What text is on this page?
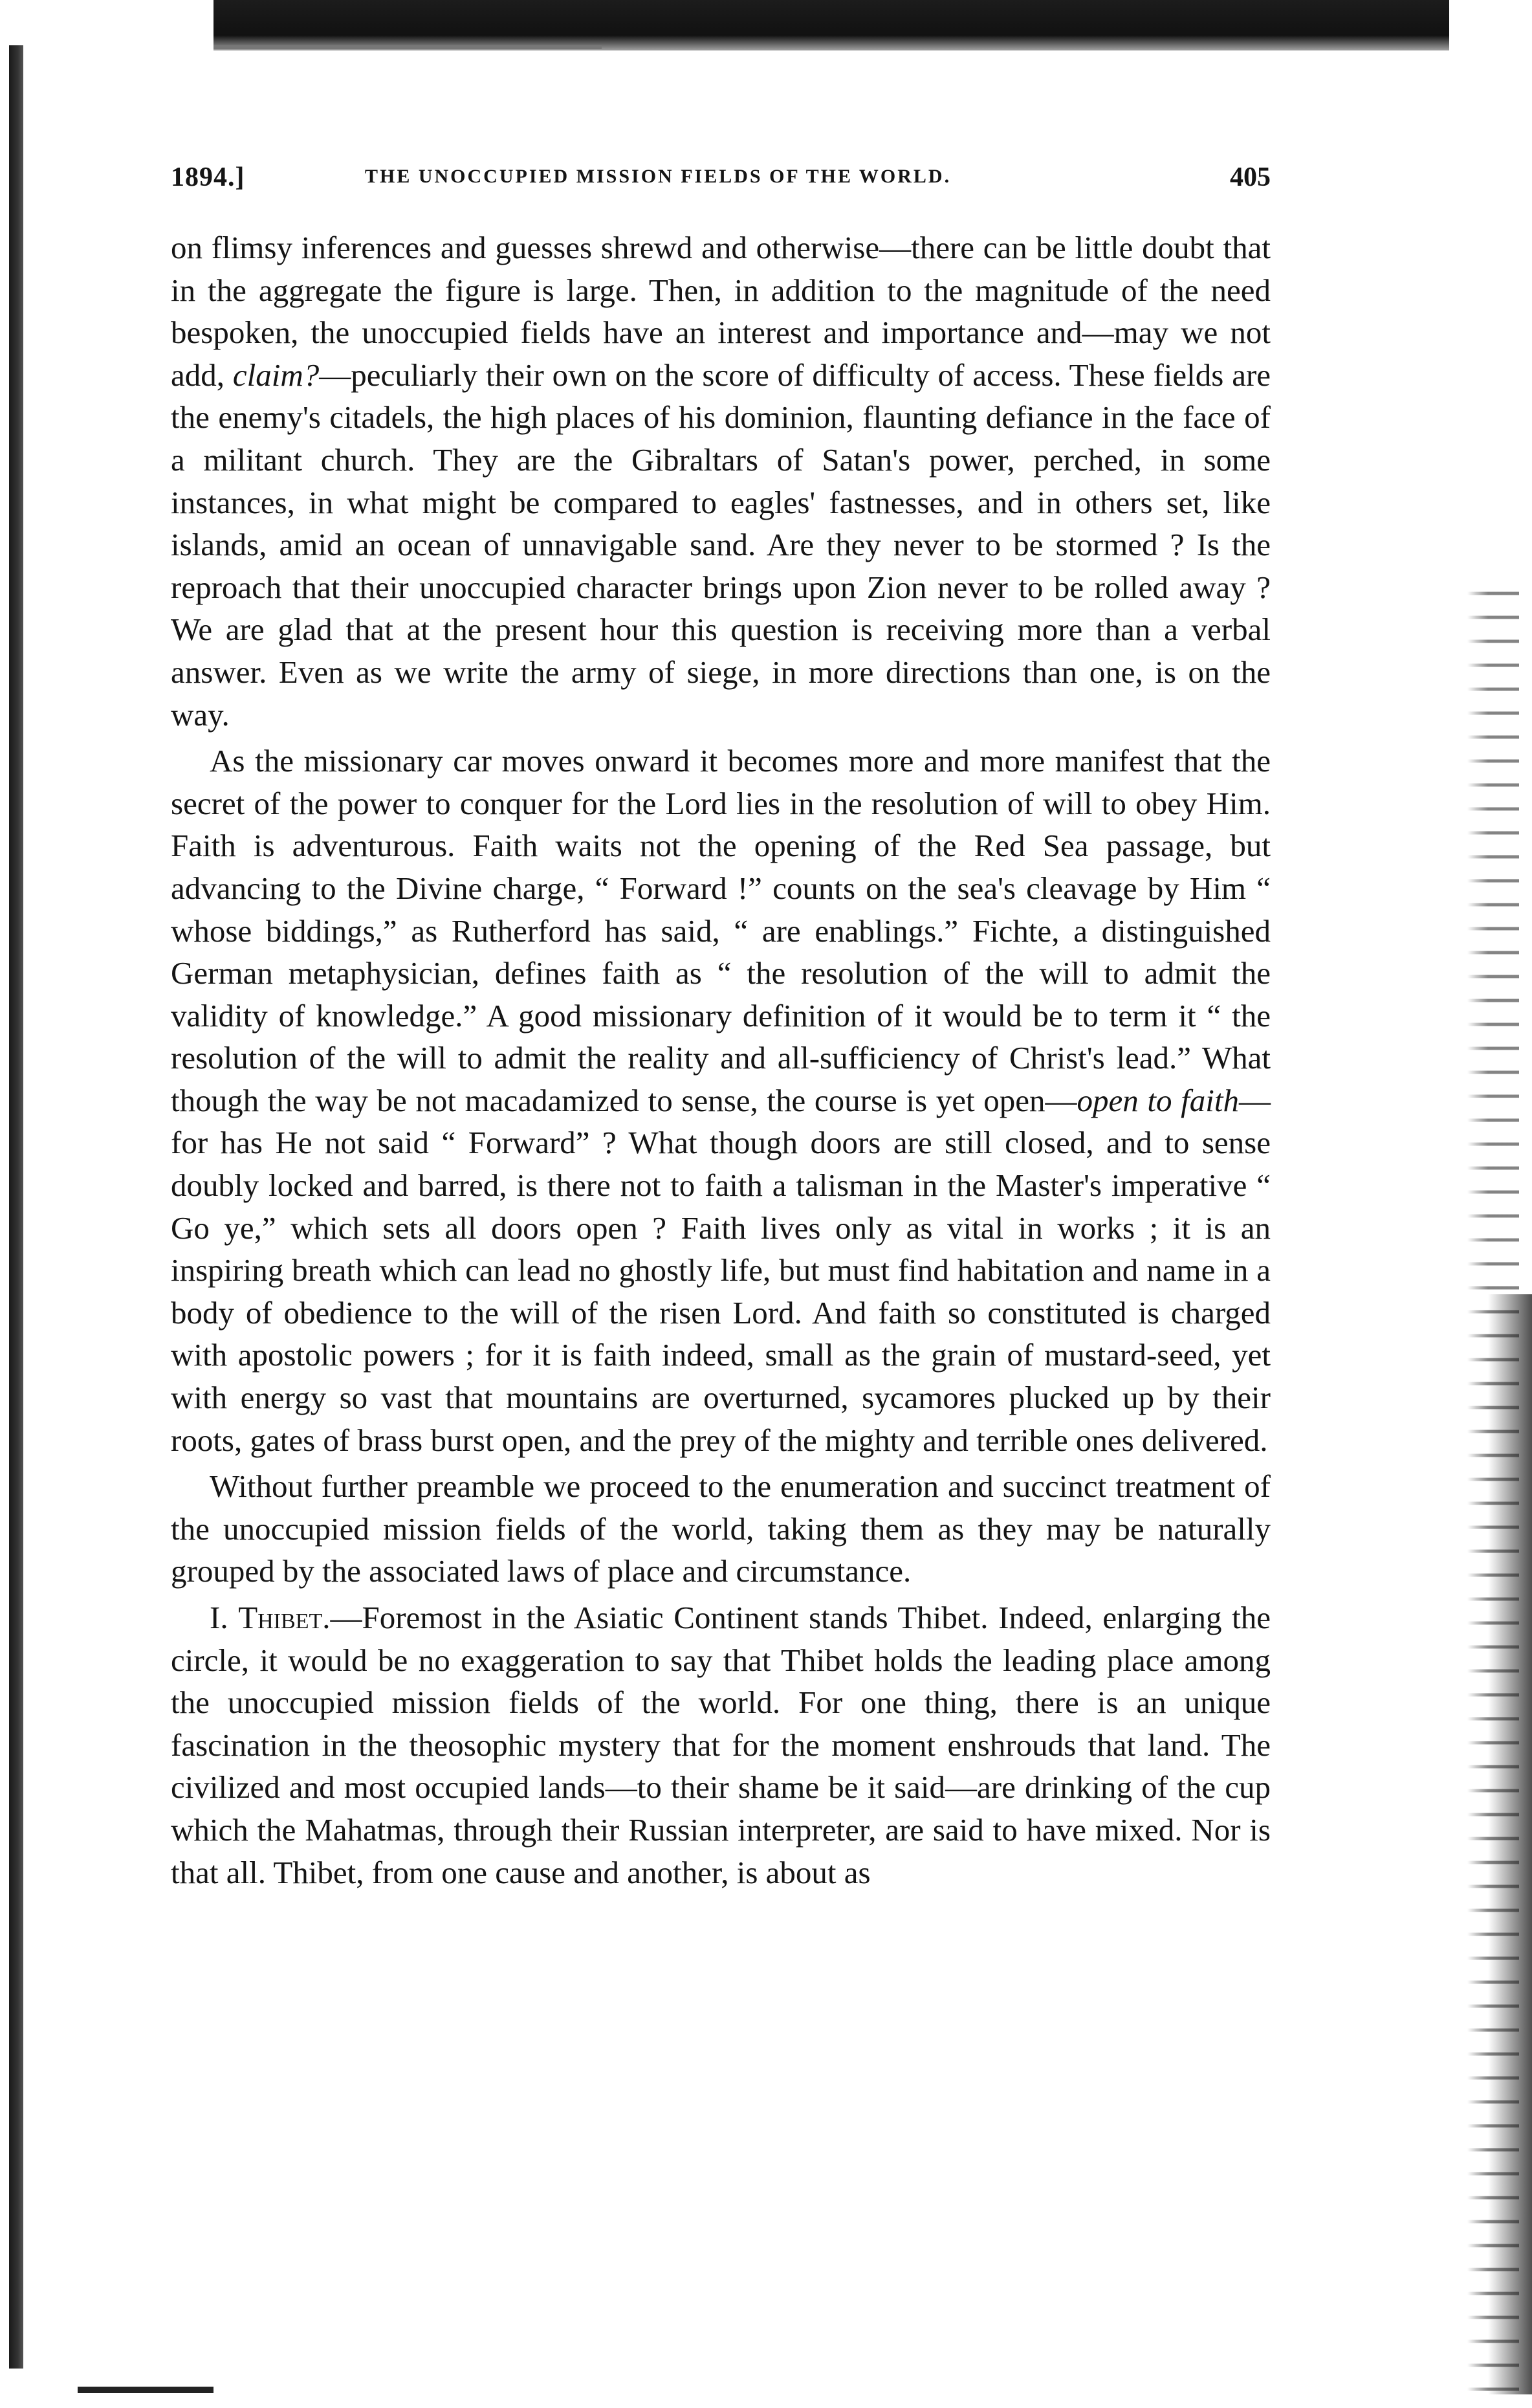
1894.]	THE UNOCCUPIED MISSION FIELDS OF THE WORLD.	405

on flimsy inferences and guesses shrewd and otherwise—there can be little doubt that in the aggregate the figure is large. Then, in addition to the magnitude of the need bespoken, the unoccupied fields have an interest and importance and—may we not add, claim?—peculiarly their own on the score of difficulty of access. These fields are the enemy's citadels, the high places of his dominion, flaunting defiance in the face of a militant church. They are the Gibraltars of Satan's power, perched, in some instances, in what might be compared to eagles' fastnesses, and in others set, like islands, amid an ocean of unnavigable sand. Are they never to be stormed ? Is the reproach that their unoccupied character brings upon Zion never to be rolled away ? We are glad that at the present hour this question is receiving more than a verbal answer. Even as we write the army of siege, in more directions than one, is on the way.

As the missionary car moves onward it becomes more and more manifest that the secret of the power to conquer for the Lord lies in the resolution of will to obey Him. Faith is adventurous. Faith waits not the opening of the Red Sea passage, but advancing to the Divine charge, “ Forward !” counts on the sea's cleavage by Him “ whose biddings,” as Rutherford has said, “ are enablings.” Fichte, a distinguished German metaphysician, defines faith as “ the resolution of the will to admit the validity of knowledge.” A good missionary definition of it would be to term it “ the resolution of the will to admit the reality and all-sufficiency of Christ's lead.” What though the way be not macadamized to sense, the course is yet open—open to faith—for has He not said “ Forward” ? What though doors are still closed, and to sense doubly locked and barred, is there not to faith a talisman in the Master's imperative “ Go ye,” which sets all doors open ? Faith lives only as vital in works ; it is an inspiring breath which can lead no ghostly life, but must find habitation and name in a body of obedience to the will of the risen Lord. And faith so constituted is charged with apostolic powers ; for it is faith indeed, small as the grain of mustard-seed, yet with energy so vast that mountains are overturned, sycamores plucked up by their roots, gates of brass burst open, and the prey of the mighty and terrible ones delivered.

Without further preamble we proceed to the enumeration and succinct treatment of the unoccupied mission fields of the world, taking them as they may be naturally grouped by the associated laws of place and circumstance.

I. Thibet.—Foremost in the Asiatic Continent stands Thibet. Indeed, enlarging the circle, it would be no exaggeration to say that Thibet holds the leading place among the unoccupied mission fields of the world. For one thing, there is an unique fascination in the theosophic mystery that for the moment enshrouds that land. The civilized and most occupied lands—to their shame be it said—are drinking of the cup which the Mahatmas, through their Russian interpreter, are said to have mixed. Nor is that all. Thibet, from one cause and another, is about as
